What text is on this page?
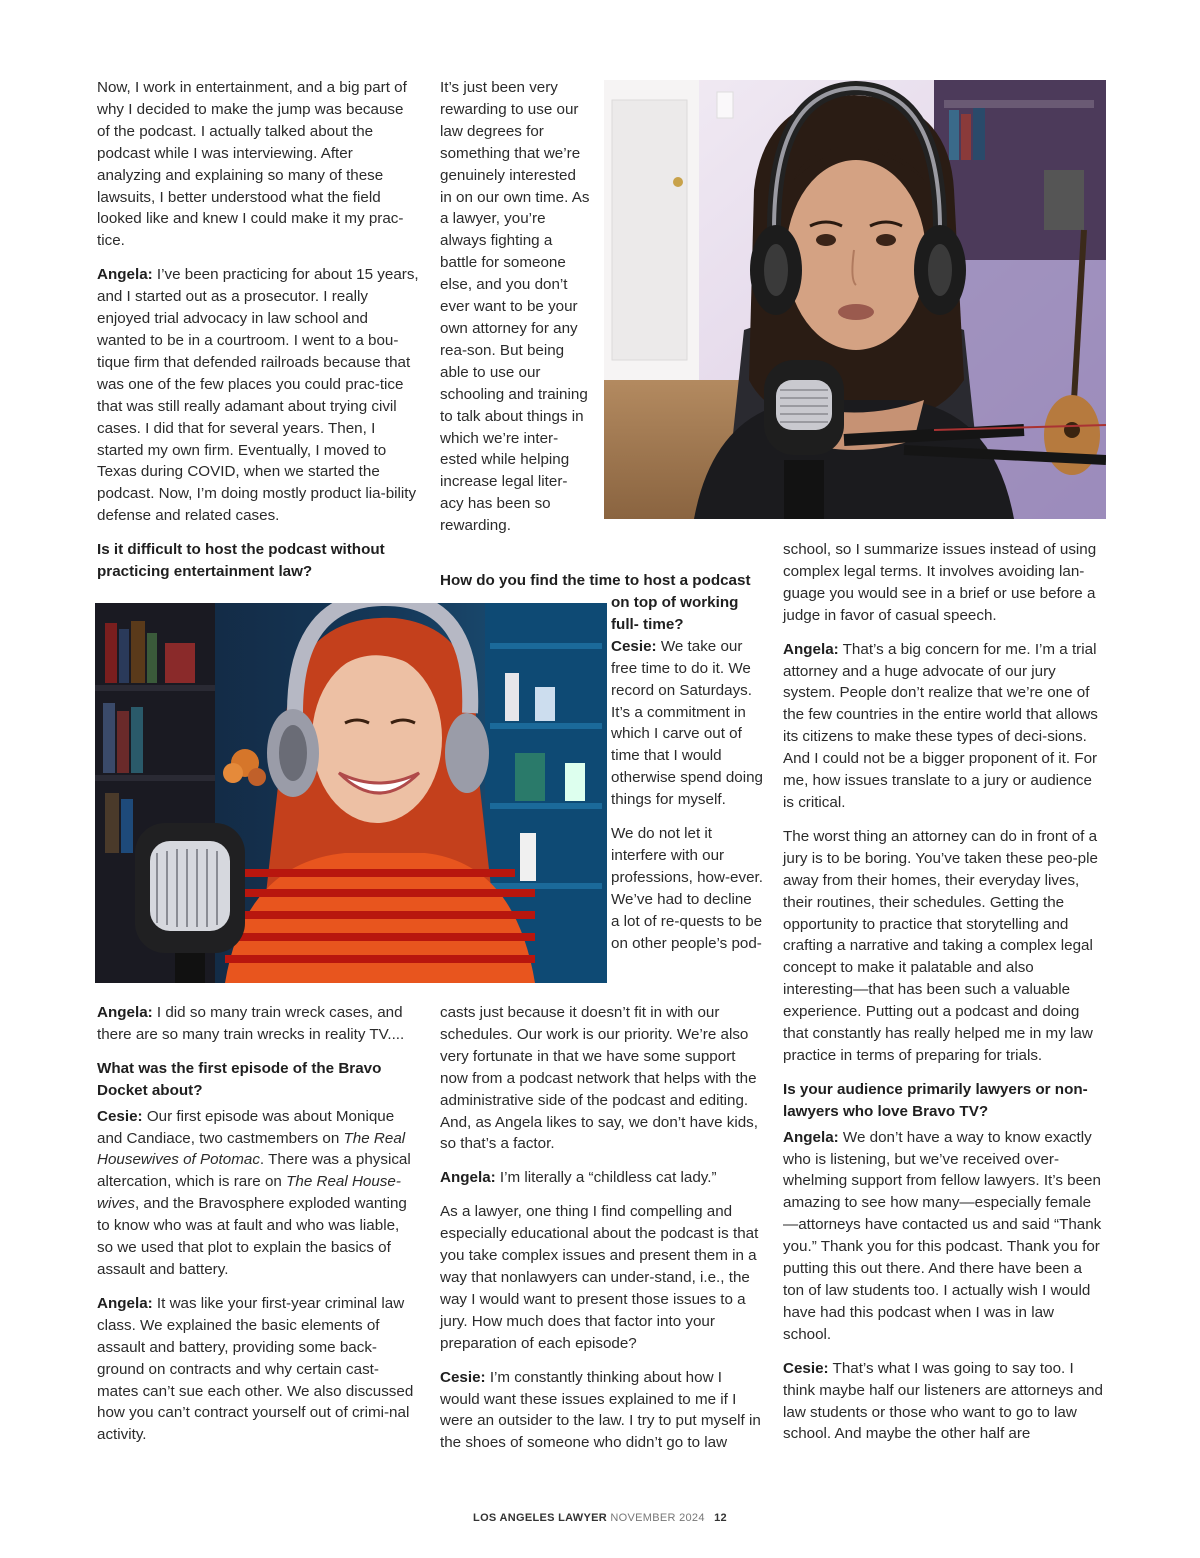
Now, I work in entertainment, and a big part of why I decided to make the jump was because of the podcast. I actually talked about the podcast while I was interviewing. After analyzing and explaining so many of these lawsuits, I better understood what the field looked like and knew I could make it my prac-tice.

Angela: I’ve been practicing for about 15 years, and I started out as a prosecutor. I really enjoyed trial advocacy in law school and wanted to be in a courtroom. I went to a bou-tique firm that defended railroads because that was one of the few places you could prac-tice that was still really adamant about trying civil cases. I did that for several years. Then, I started my own firm. Eventually, I moved to Texas during COVID, when we started the podcast. Now, I’m doing mostly product lia-bility defense and related cases.

Is it difficult to host the podcast without practicing entertainment law?

Angela: I did so many train wreck cases, and there are so many train wrecks in reality TV....

What was the first episode of the Bravo Docket about?

Cesie: Our first episode was about Monique and Candiace, two castmembers on The Real Housewives of Potomac. There was a physical altercation, which is rare on The Real House-wives, and the Bravosphere exploded wanting to know who was at fault and who was liable, so we used that plot to explain the basics of assault and battery.

Angela: It was like your first-year criminal law class. We explained the basic elements of assault and battery, providing some back-ground on contracts and why certain cast-mates can’t sue each other. We also discussed how you can’t contract yourself out of crimi-nal activity.

It’s just been very rewarding to use our law degrees for something that we’re genuinely interested in on our own time. As a lawyer, you’re always fighting a battle for someone else, and you don’t ever want to be your own attorney for any rea-son. But being able to use our schooling and training to talk about things in which we’re inter-ested while helping increase legal liter-acy has been so rewarding.

How do you find the time to host a podcast

on top of working full- time?

Cesie: We take our free time to do it. We record on Saturdays. It’s a commitment in which I carve out of time that I would otherwise spend doing things for myself.

We do not let it interfere with our professions, how-ever. We’ve had to decline a lot of re-quests to be on other people’s pod-

casts just because it doesn’t fit in with our schedules. Our work is our priority. We’re also very fortunate in that we have some support now from a podcast network that helps with the administrative side of the podcast and editing. And, as Angela likes to say, we don’t have kids, so that’s a factor.

Angela: I’m literally a “childless cat lady.”

As a lawyer, one thing I find compelling and especially educational about the podcast is that you take complex issues and present them in a way that nonlawyers can under-stand, i.e., the way I would want to present those issues to a jury. How much does that factor into your preparation of each episode?

Cesie: I’m constantly thinking about how I would want these issues explained to me if I were an outsider to the law. I try to put myself in the shoes of someone who didn’t go to law

school, so I summarize issues instead of using complex legal terms. It involves avoiding lan-guage you would see in a brief or use before a judge in favor of casual speech.

Angela: That’s a big concern for me. I’m a trial attorney and a huge advocate of our jury system. People don’t realize that we’re one of the few countries in the entire world that allows its citizens to make these types of deci-sions. And I could not be a bigger proponent of it. For me, how issues translate to a jury or audience is critical.

The worst thing an attorney can do in front of a jury is to be boring. You’ve taken these peo-ple away from their homes, their everyday lives, their routines, their schedules. Getting the opportunity to practice that storytelling and crafting a narrative and taking a complex legal concept to make it palatable and also interesting—that has been such a valuable experience. Putting out a podcast and doing that constantly has really helped me in my law practice in terms of preparing for trials.

Is your audience primarily lawyers or non-lawyers who love Bravo TV?

Angela: We don’t have a way to know exactly who is listening, but we’ve received over-whelming support from fellow lawyers. It’s been amazing to see how many—especially female—attorneys have contacted us and said “Thank you.” Thank you for this podcast. Thank you for putting this out there. And there have been a ton of law students too. I actually wish I would have had this podcast when I was in law school.

Cesie: That’s what I was going to say too. I think maybe half our listeners are attorneys and law students or those who want to go to law school. And maybe the other half are

LOS ANGELES LAWYER NOVEMBER 2024 12
